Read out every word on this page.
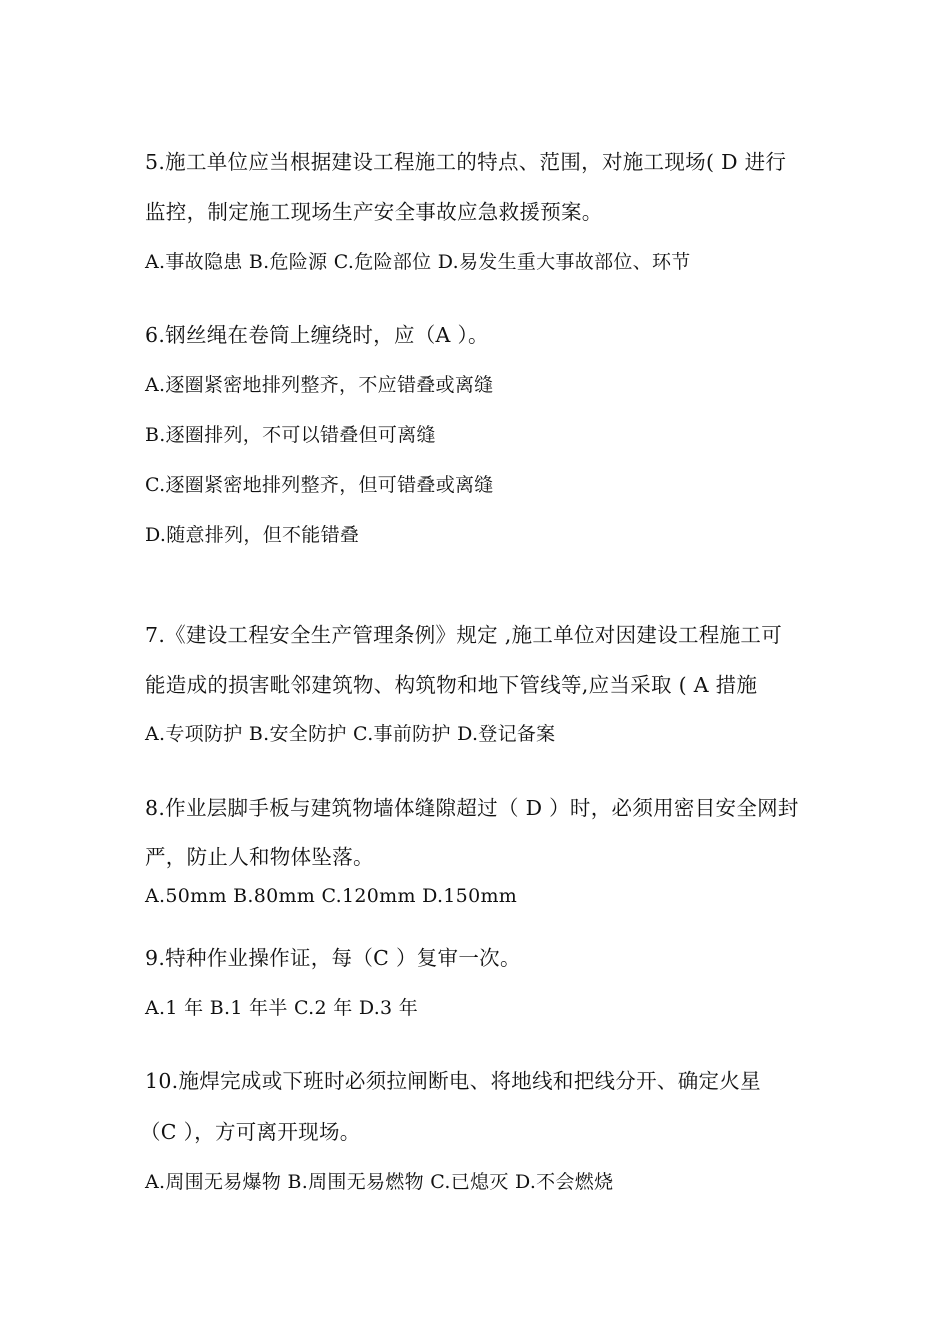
5.施工单位应当根据建设工程施工的特点、范围，对施工现场( D 进行
监控，制定施工现场生产安全事故应急救援预案。
A.事故隐患 B.危险源 C.危险部位 D.易发生重大事故部位、环节
6.钢丝绳在卷筒上缠绕时，应（A ）。
A.逐圈紧密地排列整齐，不应错叠或离缝
B.逐圈排列，不可以错叠但可离缝
C.逐圈紧密地排列整齐，但可错叠或离缝
D.随意排列，但不能错叠
7.《建设工程安全生产管理条例》规定 ,施工单位对因建设工程施工可
能造成的损害毗邻建筑物、构筑物和地下管线等,应当采取 ( A 措施
A.专项防护 B.安全防护 C.事前防护 D.登记备案
8.作业层脚手板与建筑物墙体缝隙超过（ D ）时，必须用密目安全网封
严，防止人和物体坠落。
A.50mm B.80mm C.120mm D.150mm
9.特种作业操作证，每（C ）复审一次。
A.1 年 B.1 年半 C.2 年 D.3 年
10.施焊完成或下班时必须拉闸断电、将地线和把线分开、确定火星
（C ），方可离开现场。
A.周围无易爆物 B.周围无易燃物 C.已熄灭 D.不会燃烧
